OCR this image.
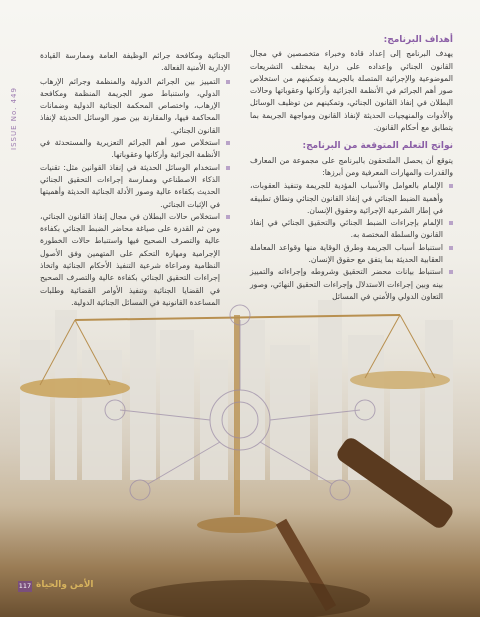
ISSUE No. 449
أهداف البرنامج:

يهدف البرنامج إلى إعداد قادة وخبراء متخصصين في مجال القانون الجنائي وإعداده على دراية بمختلف التشريعات الموضوعية والإجرائية المتصلة بالجريمة وتمكينهم من استخلاص صور أهم الجرائم في الأنظمة الجزائية وأركانها وعقوباتها وحالات البطلان في إنفاذ القانون الجنائي، وتمكينهم من توظيف الوسائل والأدوات والمنهجيات الحديثة لإنفاذ القانون ومواجهة الجريمة بما يتطابق مع أحكام القانون.

نواتج التعلم المتوقعة من البرنامج:

يتوقع أن يحصل الملتحقون بالبرنامج على مجموعة من المعارف والقدرات والمهارات المعرفية ومن أبرزها:

الإلمام بالعوامل والأسباب المؤدية للجريمة وتنفيذ العقوبات، وأهمية الضبط الجنائي في إنفاذ القانون الجنائي ونطاق تطبيقه في إطار الشرعية الإجرائية وحقوق الإنسان.

الإلمام بإجراءات الضبط الجنائي والتحقيق الجنائي في إنفاذ القانون والسلطة المختصة به.

استنباط أسباب الجريمة وطرق الوقاية منها وقواعد المعاملة العقابية الحديثة بما يتفق مع حقوق الإنسان.

استنباط بيانات محضر التحقيق وشروطه وإجراءاته والتمييز بينه وبين إجراءات الاستدلال وإجراءات التحقيق النهائي، وصور التعاون الدولي والأمني في المسائل

الجنائية ومكافحة جرائم الوظيفة العامة وممارسة القيادة الإدارية الأمنية الفعالة.

التمييز بين الجرائم الدولية والمنظمة وجرائم الإرهاب الدولي، واستنباط صور الجريمة المنظمة ومكافحة الإرهاب، واختصاص المحكمة الجنائية الدولية وضمانات المحاكمة فيها، والمقارنة بين صور الوسائل الحديثة لإنفاذ القانون الجنائي.

استخلاص صور أهم الجرائم التعزيرية والمستحدثة في الأنظمة الجزائية وأركانها وعقوباتها.

استخدام الوسائل الحديثة في إنفاذ القوانين مثل: تقنيات الذكاء الاصطناعي وممارسة إجراءات التحقيق الجنائي الحديث بكفاءة عالية وصور الأدلة الجنائية الحديثة وأهميتها في الإثبات الجنائي.

استخلاص حالات البطلان في مجال إنفاذ القانون الجنائي، ومن ثم القدرة على صياغة محاضر الضبط الجنائي بكفاءة عالية والتصرف الصحيح فيها واستنباط حالات الخطورة الإجرامية ومهارة التحكم على المتهمين وفق الأصول النظامية ومراعاة شرعية التنفيذ الأحكام الجنائية واتخاذ إجراءات التحقيق الجنائي بكفاءة عالية والتصرف الصحيح في القضايا الجنائية وتنفيذ الأوامر القضائية وطلبات المساعدة القانونية في المسائل الجنائية الدولية.

117 الأمن والحياة
